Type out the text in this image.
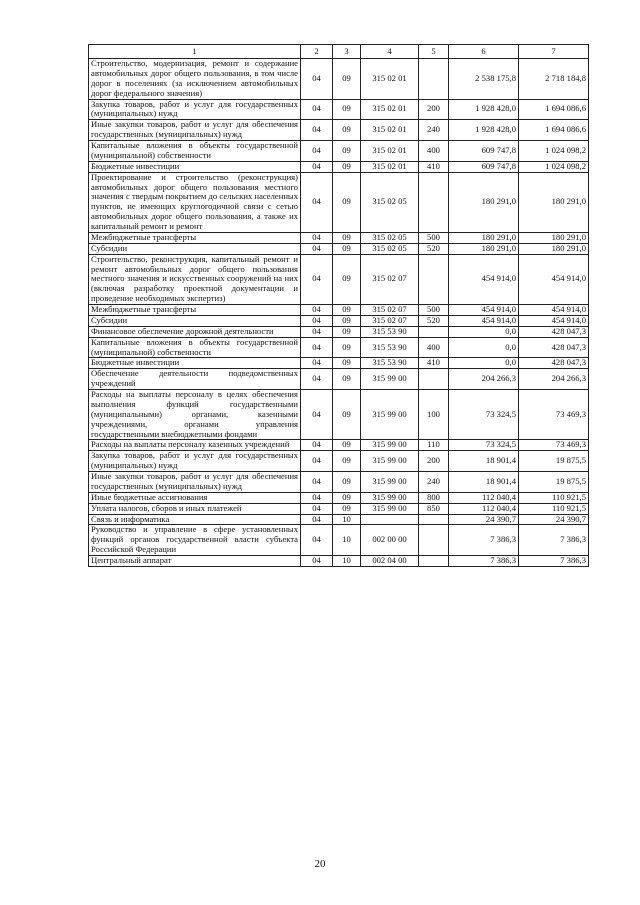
1	2	3	4	5	6	7
Строительство, модернизация, ремонт и содержание автомобильных дорог общего пользования, в том числе дорог в поселениях (за исключением автомобильных дорог федерального значения)	04	09	315 02 01		2 538 175,8	2 718 184,8
Закупка товаров, работ и услуг для государственных (муниципальных) нужд	04	09	315 02 01	200	1 928 428,0	1 694 086,6
Иные закупки товаров, работ и услуг для обеспечения государственных (муниципальных) нужд	04	09	315 02 01	240	1 928 428,0	1 694 086,6
Капитальные вложения в объекты государственной (муниципальной) собственности	04	09	315 02 01	400	609 747,8	1 024 098,2
Бюджетные инвестиции	04	09	315 02 01	410	609 747,8	1 024 098,2
Проектирование и строительство (реконструкция) автомобильных дорог общего пользования местного значения с твердым покрытием до сельских населенных пунктов, не имеющих круглогодичной связи с сетью автомобильных дорог общего пользования, а также их капитальный ремонт и ремонт	04	09	315 02 05		180 291,0	180 291,0
Межбюджетные трансферты	04	09	315 02 05	500	180 291,0	180 291,0
Субсидии	04	09	315 02 05	520	180 291,0	180 291,0
Строительство, реконструкция, капитальный ремонт и ремонт автомобильных дорог общего пользования местного значения и искусственных сооружений на них (включая разработку проектной документации и проведение необходимых экспертиз)	04	09	315 02 07		454 914,0	454 914,0
Межбюджетные трансферты	04	09	315 02 07	500	454 914,0	454 914,0
Субсидии	04	09	315 02 07	520	454 914,0	454 914,0
Финансовое обеспечение дорожной деятельности	04	09	315 53 90		0,0	428 047,3
Капитальные вложения в объекты государственной (муниципальной) собственности	04	09	315 53 90	400	0,0	428 047,3
Бюджетные инвестиции	04	09	315 53 90	410	0,0	428 047,3
Обеспечение деятельности подведомственных учреждений	04	09	315 99 00		204 266,3	204 266,3
Расходы на выплаты персоналу в целях обеспечения выполнения функций государственными (муниципальными) органами, казенными учреждениями, органами управления государственными внебюджетными фондами	04	09	315 99 00	100	73 324,5	73 469,3
Расходы на выплаты персоналу казенных учреждений	04	09	315 99 00	110	73 324,5	73 469,3
Закупка товаров, работ и услуг для государственных (муниципальных) нужд	04	09	315 99 00	200	18 901,4	19 875,5
Иные закупки товаров, работ и услуг для обеспечения государственных (муниципальных) нужд	04	09	315 99 00	240	18 901,4	19 875,5
Иные бюджетные ассигнования	04	09	315 99 00	800	112 040,4	110 921,5
Уплата налогов, сборов и иных платежей	04	09	315 99 00	850	112 040,4	110 921,5
Связь и информатика	04	10			24 390,7	24 390,7
Руководство и управление в сфере установленных функций органов государственной власти субъекта Российской Федерации	04	10	002 00 00		7 386,3	7 386,3
Центральный аппарат	04	10	002 04 00		7 386,3	7 386,3
20
